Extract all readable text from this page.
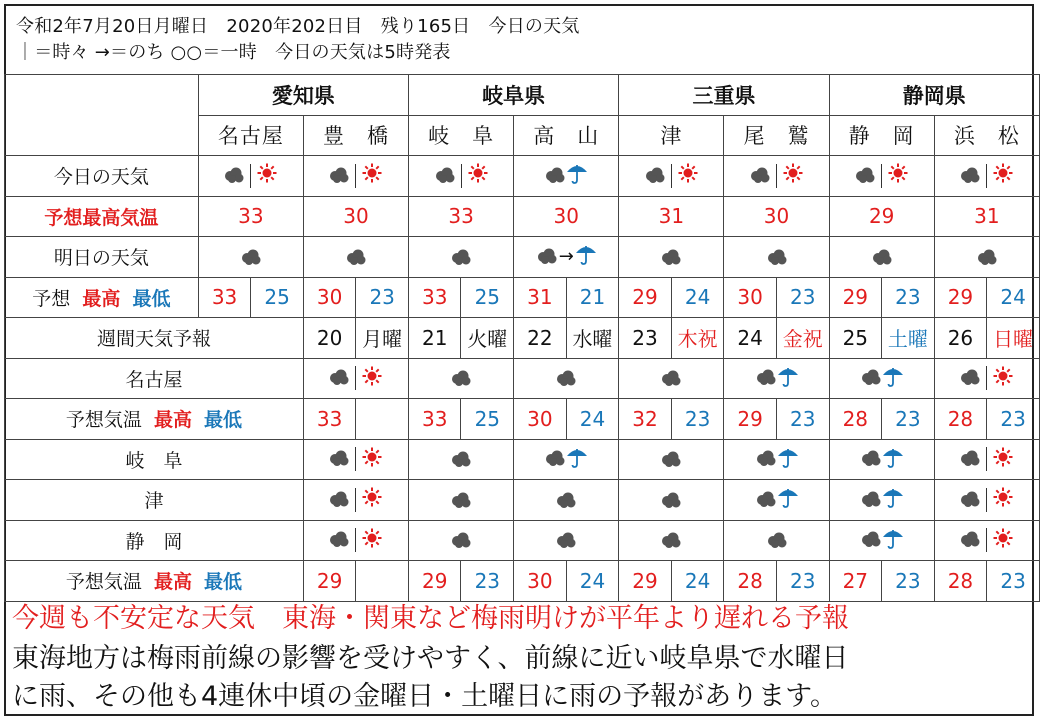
令和2年7月20日月曜日　2020年202日目　残り165日　今日の天気
｜＝時々 →＝のち ○○＝一時　今日の天気は5時発表
	愛知県				岐阜県				三重県				静岡県			
	名古屋		豊　橋		岐　阜		高　山		津		尾　鷲		静　岡		浜　松	
今日の天気								
予想最高気温	33		30		33		30		31		30		29		31	
明日の天気							→				
予想 最高 最低	33	25	30	23	33	25	31	21	29	24	30	23	29	23	29	24
週間天気予報			20	月曜	21	火曜	22	水曜	23	木祝	24	金祝	25	土曜	26	日曜
名古屋							
予想気温 最高 最低			33		33	25	30	24	32	23	29	23	28	23	28	23
岐　阜							
津							
静　岡							
予想気温 最高 最低			29		29	23	30	24	29	24	28	23	27	23	28	23
今週も不安定な天気　東海・関東など梅雨明けが平年より遅れる予報
東海地方は梅雨前線の影響を受けやすく、前線に近い岐阜県で水曜日
に雨、その他も4連休中頃の金曜日・土曜日に雨の予報があります。
